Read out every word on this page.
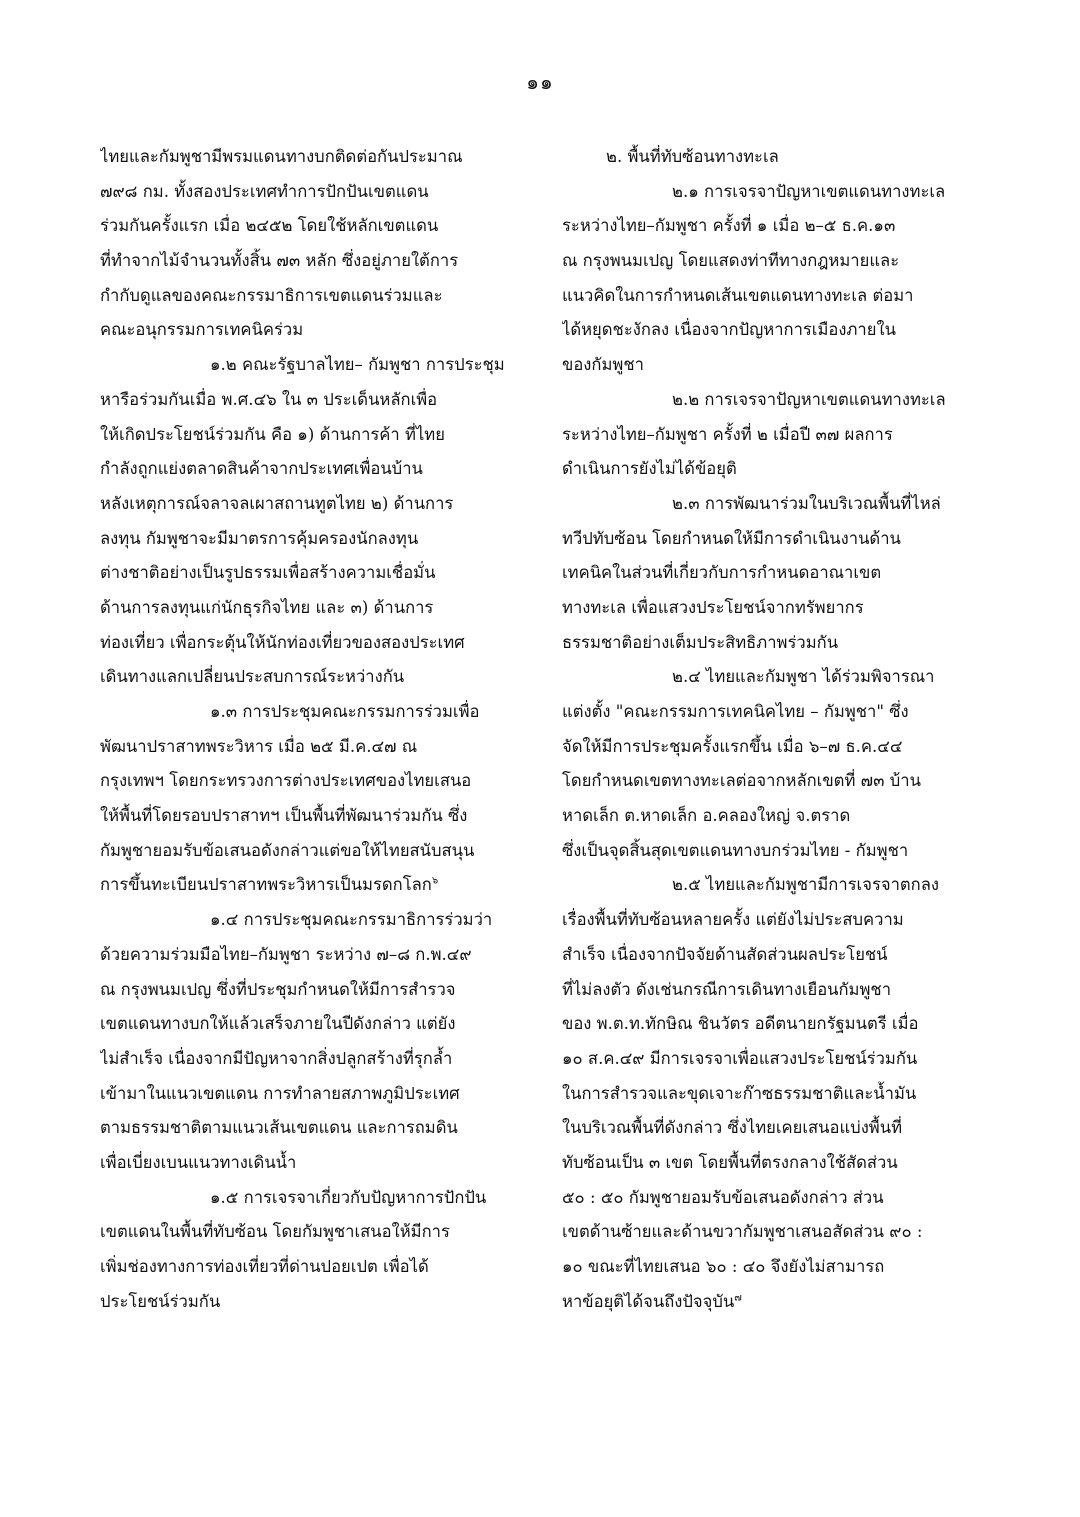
๑๑
ไทยและกัมพูชามีพรมแดนทางบกติดต่อกันประมาณ
๗๙๘ กม. ทั้งสองประเทศทำการปักปันเขตแดน
ร่วมกันครั้งแรก เมื่อ ๒๔๕๒ โดยใช้หลักเขตแดน
ที่ทำจากไม้จำนวนทั้งสิ้น ๗๓ หลัก ซึ่งอยู่ภายใต้การ
กำกับดูแลของคณะกรรมาธิการเขตแดนร่วมและ
คณะอนุกรรมการเทคนิคร่วม
๑.๒ คณะรัฐบาลไทย– กัมพูชา การประชุม
หารือร่วมกันเมื่อ พ.ศ.๔๖ ใน ๓ ประเด็นหลักเพื่อ
ให้เกิดประโยชน์ร่วมกัน คือ ๑) ด้านการค้า ที่ไทย
กำลังถูกแย่งตลาดสินค้าจากประเทศเพื่อนบ้าน
หลังเหตุการณ์จลาจลเผาสถานทูตไทย ๒) ด้านการ
ลงทุน กัมพูชาจะมีมาตรการคุ้มครองนักลงทุน
ต่างชาติอย่างเป็นรูปธรรมเพื่อสร้างความเชื่อมั่น
ด้านการลงทุนแก่นักธุรกิจไทย และ ๓) ด้านการ
ท่องเที่ยว เพื่อกระตุ้นให้นักท่องเที่ยวของสองประเทศ
เดินทางแลกเปลี่ยนประสบการณ์ระหว่างกัน
๑.๓ การประชุมคณะกรรมการร่วมเพื่อ
พัฒนาปราสาทพระวิหาร เมื่อ ๒๕ มี.ค.๔๗ ณ
กรุงเทพฯ โดยกระทรวงการต่างประเทศของไทยเสนอ
ให้พื้นที่โดยรอบปราสาทฯ เป็นพื้นที่พัฒนาร่วมกัน ซึ่ง
กัมพูชายอมรับข้อเสนอดังกล่าวแต่ขอให้ไทยสนับสนุน
การขึ้นทะเบียนปราสาทพระวิหารเป็นมรดกโลก$^๖$
๑.๔ การประชุมคณะกรรมาธิการร่วมว่า
ด้วยความร่วมมือไทย–กัมพูชา ระหว่าง ๗–๘ ก.พ.๔๙
ณ กรุงพนมเปญ ซึ่งที่ประชุมกำหนดให้มีการสำรวจ
เขตแดนทางบกให้แล้วเสร็จภายในปีดังกล่าว แต่ยัง
ไม่สำเร็จ เนื่องจากมีปัญหาจากสิ่งปลูกสร้างที่รุกล้ำ
เข้ามาในแนวเขตแดน การทำลายสภาพภูมิประเทศ
ตามธรรมชาติตามแนวเส้นเขตแดน และการถมดิน
เพื่อเบี่ยงเบนแนวทางเดินน้ำ
๑.๕ การเจรจาเกี่ยวกับปัญหาการปักปัน
เขตแดนในพื้นที่ทับซ้อน โดยกัมพูชาเสนอให้มีการ
เพิ่มช่องทางการท่องเที่ยวที่ด่านปอยเปต เพื่อได้
ประโยชน์ร่วมกัน
๒. พื้นที่ทับซ้อนทางทะเล
๒.๑ การเจรจาปัญหาเขตแดนทางทะเล
ระหว่างไทย–กัมพูชา ครั้งที่ ๑ เมื่อ ๒–๕ ธ.ค.๑๓
ณ กรุงพนมเปญ โดยแสดงท่าทีทางกฎหมายและ
แนวคิดในการกำหนดเส้นเขตแดนทางทะเล ต่อมา
ได้หยุดชะงักลง เนื่องจากปัญหาการเมืองภายใน
ของกัมพูชา
๒.๒ การเจรจาปัญหาเขตแดนทางทะเล
ระหว่างไทย–กัมพูชา ครั้งที่ ๒ เมื่อปี ๓๗ ผลการ
ดำเนินการยังไม่ได้ข้อยุติ
๒.๓ การพัฒนาร่วมในบริเวณพื้นที่ไหล่
ทวีปทับซ้อน โดยกำหนดให้มีการดำเนินงานด้าน
เทคนิคในส่วนที่เกี่ยวกับการกำหนดอาณาเขต
ทางทะเล เพื่อแสวงประโยชน์จากทรัพยากร
ธรรมชาติอย่างเต็มประสิทธิภาพร่วมกัน
๒.๔ ไทยและกัมพูชา ได้ร่วมพิจารณา
แต่งตั้ง "คณะกรรมการเทคนิคไทย – กัมพูชา" ซึ่ง
จัดให้มีการประชุมครั้งแรกขึ้น เมื่อ ๖–๗ ธ.ค.๔๔
โดยกำหนดเขตทางทะเลต่อจากหลักเขตที่ ๗๓ บ้าน
หาดเล็ก ต.หาดเล็ก อ.คลองใหญ่ จ.ตราด
ซึ่งเป็นจุดสิ้นสุดเขตแดนทางบกร่วมไทย - กัมพูชา
๒.๕ ไทยและกัมพูชามีการเจรจาตกลง
เรื่องพื้นที่ทับซ้อนหลายครั้ง แต่ยังไม่ประสบความ
สำเร็จ เนื่องจากปัจจัยด้านสัดส่วนผลประโยชน์
ที่ไม่ลงตัว ดังเช่นกรณีการเดินทางเยือนกัมพูชา
ของ พ.ต.ท.ทักษิณ ชินวัตร อดีตนายกรัฐมนตรี เมื่อ
๑๐ ส.ค.๔๙ มีการเจรจาเพื่อแสวงประโยชน์ร่วมกัน
ในการสำรวจและขุดเจาะก๊าซธรรมชาติและน้ำมัน
ในบริเวณพื้นที่ดังกล่าว ซึ่งไทยเคยเสนอแบ่งพื้นที่
ทับซ้อนเป็น ๓ เขต โดยพื้นที่ตรงกลางใช้สัดส่วน
๕๐ : ๕๐ กัมพูชายอมรับข้อเสนอดังกล่าว ส่วน
เขตด้านซ้ายและด้านขวากัมพูชาเสนอสัดส่วน ๙๐ :
๑๐ ขณะที่ไทยเสนอ ๖๐ : ๔๐ จึงยังไม่สามารถ
หาข้อยุติได้จนถึงปัจจุบัน$^๗$
